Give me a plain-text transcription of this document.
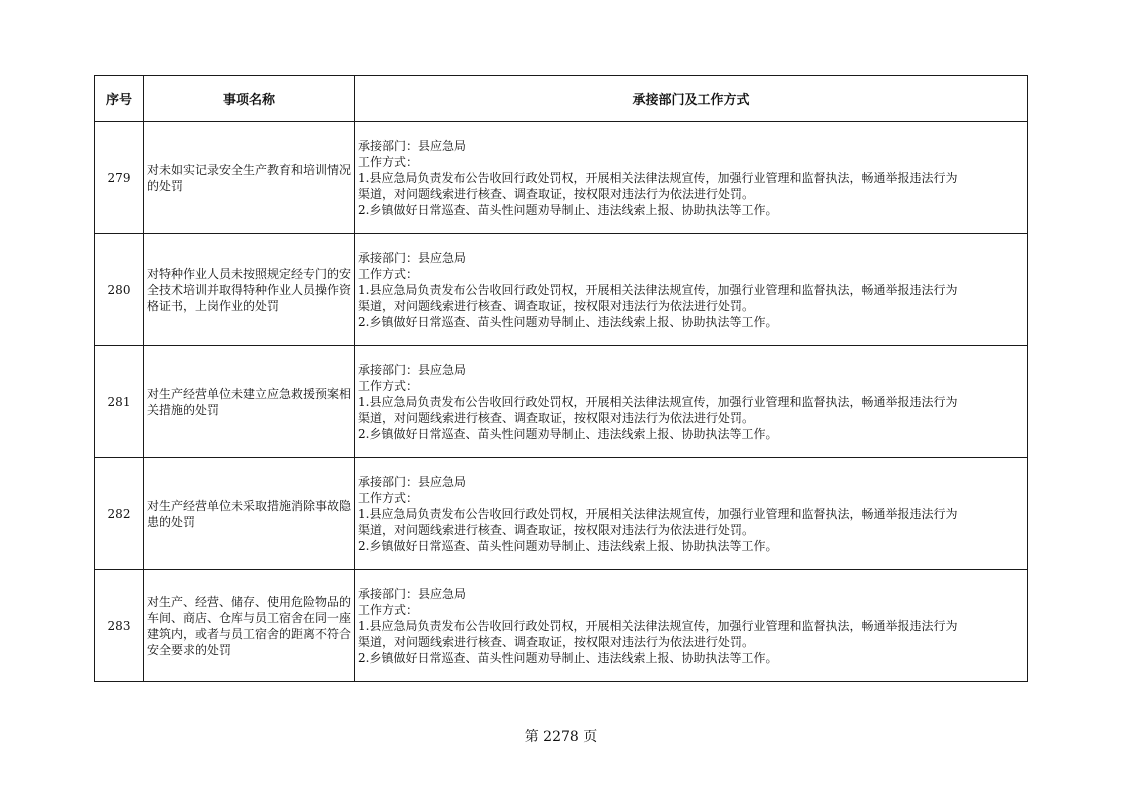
序号	事项名称	承接部门及工作方式
279	对未如实记录安全生产教育和培训情况的处罚	承接部门：县应急局
工作方式：
1.县应急局负责发布公告收回行政处罚权，开展相关法律法规宣传，加强行业管理和监督执法，畅通举报违法行为
渠道，对问题线索进行核查、调查取证，按权限对违法行为依法进行处罚。
2.乡镇做好日常巡查、苗头性问题劝导制止、违法线索上报、协助执法等工作。

280	对特种作业人员未按照规定经专门的安全技术培训并取得特种作业人员操作资格证书，上岗作业的处罚	承接部门：县应急局
工作方式：
1.县应急局负责发布公告收回行政处罚权，开展相关法律法规宣传，加强行业管理和监督执法，畅通举报违法行为
渠道，对问题线索进行核查、调查取证，按权限对违法行为依法进行处罚。
2.乡镇做好日常巡查、苗头性问题劝导制止、违法线索上报、协助执法等工作。

281	对生产经营单位未建立应急救援预案相关措施的处罚	承接部门：县应急局
工作方式：
1.县应急局负责发布公告收回行政处罚权，开展相关法律法规宣传，加强行业管理和监督执法，畅通举报违法行为
渠道，对问题线索进行核查、调查取证，按权限对违法行为依法进行处罚。
2.乡镇做好日常巡查、苗头性问题劝导制止、违法线索上报、协助执法等工作。

282	对生产经营单位未采取措施消除事故隐患的处罚	承接部门：县应急局
工作方式：
1.县应急局负责发布公告收回行政处罚权，开展相关法律法规宣传，加强行业管理和监督执法，畅通举报违法行为
渠道，对问题线索进行核查、调查取证，按权限对违法行为依法进行处罚。
2.乡镇做好日常巡查、苗头性问题劝导制止、违法线索上报、协助执法等工作。

283	对生产、经营、储存、使用危险物品的车间、商店、仓库与员工宿舍在同一座建筑内，或者与员工宿舍的距离不符合安全要求的处罚	承接部门：县应急局
工作方式：
1.县应急局负责发布公告收回行政处罚权，开展相关法律法规宣传，加强行业管理和监督执法，畅通举报违法行为
渠道，对问题线索进行核查、调查取证，按权限对违法行为依法进行处罚。
2.乡镇做好日常巡查、苗头性问题劝导制止、违法线索上报、协助执法等工作。
第 2278 页
